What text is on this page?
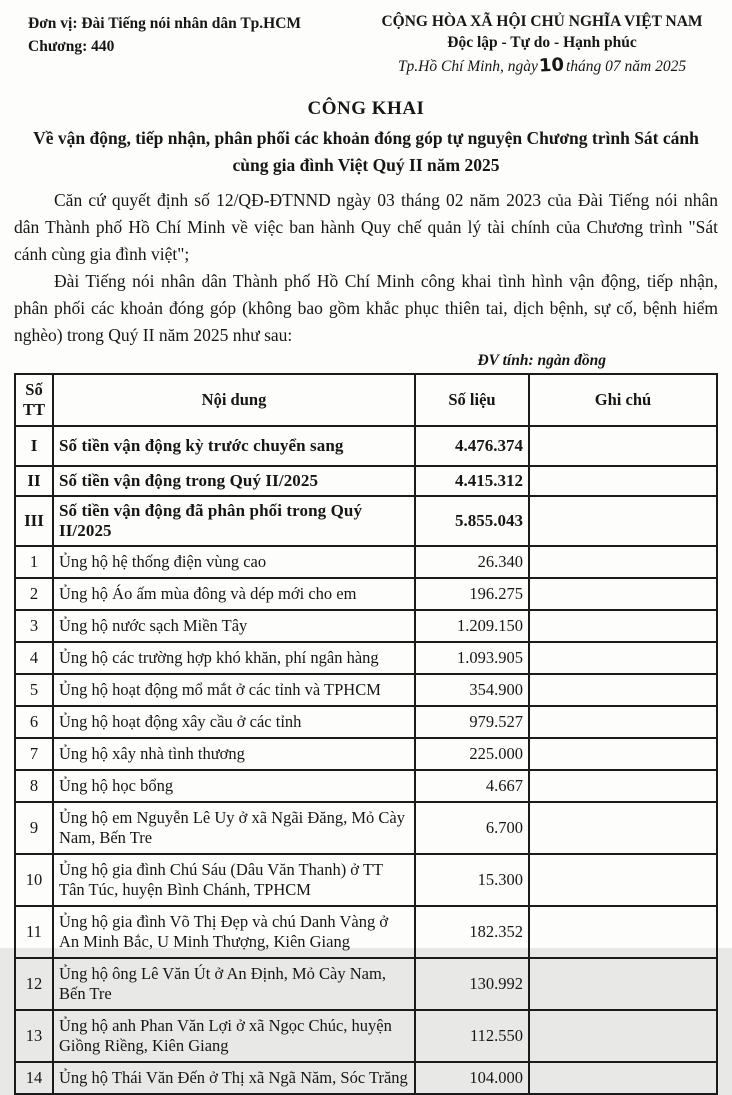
Đơn vị: Đài Tiếng nói nhân dân Tp.HCM
Chương: 440
CỘNG HÒA XÃ HỘI CHỦ NGHĨA VIỆT NAM
Độc lập - Tự do - Hạnh phúc
Tp.Hồ Chí Minh, ngày10tháng 07 năm 2025
CÔNG KHAI
Về vận động, tiếp nhận, phân phối các khoản đóng góp tự nguyện Chương trình Sát cánh cùng gia đình Việt Quý II năm 2025

Căn cứ quyết định số 12/QĐ-ĐTNND ngày 03 tháng 02 năm 2023 của Đài Tiếng nói nhân dân Thành phố Hồ Chí Minh về việc ban hành Quy chế quản lý tài chính của Chương trình "Sát cánh cùng gia đình việt";

Đài Tiếng nói nhân dân Thành phố Hồ Chí Minh công khai tình hình vận động, tiếp nhận, phân phối các khoản đóng góp (không bao gồm khắc phục thiên tai, dịch bệnh, sự cố, bệnh hiểm nghèo) trong Quý II năm 2025 như sau:

ĐV tính: ngàn đồng
Số TT	Nội dung	Số liệu	Ghi chú
I	Số tiền vận động kỳ trước chuyển sang	4.476.374	
II	Số tiền vận động trong Quý II/2025	4.415.312	
III	Số tiền vận động đã phân phối trong Quý II/2025	5.855.043	
1	Ủng hộ hệ thống điện vùng cao	26.340	
2	Ủng hộ Áo ấm mùa đông và dép mới cho em	196.275	
3	Ủng hộ nước sạch Miền Tây	1.209.150	
4	Ủng hộ các trường hợp khó khăn, phí ngân hàng	1.093.905	
5	Ủng hộ hoạt động mổ mắt ở các tỉnh và TPHCM	354.900	
6	Ủng hộ hoạt động xây cầu ở các tỉnh	979.527	
7	Ủng hộ xây nhà tình thương	225.000	
8	Ủng hộ học bổng	4.667	
9	Ủng hộ em Nguyễn Lê Uy ở xã Ngãi Đăng, Mỏ Cày Nam, Bến Tre	6.700	
10	Ủng hộ gia đình Chú Sáu (Dâu Văn Thanh) ở TT Tân Túc, huyện Bình Chánh, TPHCM	15.300	
11	Ủng hộ gia đình Võ Thị Đẹp và chú Danh Vàng ở An Minh Bắc, U Minh Thượng, Kiên Giang	182.352	
12	Ủng hộ ông Lê Văn Út ở An Định, Mỏ Cày Nam, Bến Tre	130.992	
13	Ủng hộ anh Phan Văn Lợi ở xã Ngọc Chúc, huyện Giồng Riềng, Kiên Giang	112.550	
14	Ủng hộ Thái Văn Đến ở Thị xã Ngã Năm, Sóc Trăng	104.000	
